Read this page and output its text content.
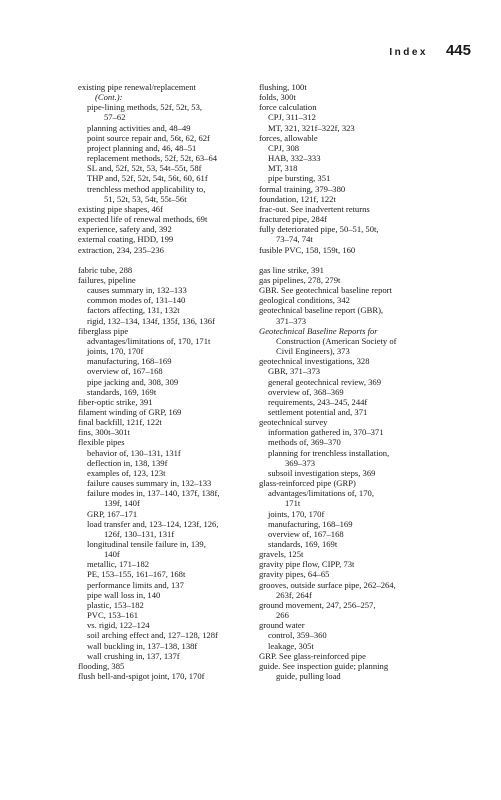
Index 445
existing pipe renewal/replacement
(Cont.):
pipe-lining methods, 52f, 52t, 53,
57–62
planning activities and, 48–49
point source repair and, 56t, 62, 62f
project planning and, 46, 48–51
replacement methods, 52f, 52t, 63–64
SL and, 52f, 52t, 53, 54t–55t, 58f
THP and, 52f, 52t, 54t, 56t, 60, 61f
trenchless method applicability to,
51, 52t, 53, 54t, 55t–56t
existing pipe shapes, 46f
expected life of renewal methods, 69t
experience, safety and, 392
external coating, HDD, 199
extraction, 234, 235–236
fabric tube, 288
failures, pipeline
causes summary in, 132–133
common modes of, 131–140
factors affecting, 131, 132t
rigid, 132–134, 134f, 135f, 136, 136f
fiberglass pipe
advantages/limitations of, 170, 171t
joints, 170, 170f
manufacturing, 168–169
overview of, 167–168
pipe jacking and, 308, 309
standards, 169, 169t
fiber-optic strike, 391
filament winding of GRP, 169
final backfill, 121f, 122t
fins, 300t–301t
flexible pipes
behavior of, 130–131, 131f
deflection in, 138, 139f
examples of, 123, 123t
failure causes summary in, 132–133
failure modes in, 137–140, 137f, 138f,
139f, 140f
GRP, 167–171
load transfer and, 123–124, 123f, 126,
126f, 130–131, 131f
longitudinal tensile failure in, 139,
140f
metallic, 171–182
PE, 153–155, 161–167, 168t
performance limits and, 137
pipe wall loss in, 140
plastic, 153–182
PVC, 153–161
vs. rigid, 122–124
soil arching effect and, 127–128, 128f
wall buckling in, 137–138, 138f
wall crushing in, 137, 137f
flooding, 385
flush bell-and-spigot joint, 170, 170f
flushing, 100t
folds, 300t
force calculation
CPJ, 311–312
MT, 321, 321f–322f, 323
forces, allowable
CPJ, 308
HAB, 332–333
MT, 318
pipe bursting, 351
formal training, 379–380
foundation, 121f, 122t
frac-out. See inadvertent returns
fractured pipe, 284f
fully deteriorated pipe, 50–51, 50t,
73–74, 74t
fusible PVC, 158, 159t, 160
gas line strike, 391
gas pipelines, 278, 279t
GBR. See geotechnical baseline report
geological conditions, 342
geotechnical baseline report (GBR),
371–373
Geotechnical Baseline Reports for
Construction (American Society of
Civil Engineers), 373
geotechnical investigations, 328
GBR, 371–373
general geotechnical review, 369
overview of, 368–369
requirements, 243–245, 244f
settlement potential and, 371
geotechnical survey
information gathered in, 370–371
methods of, 369–370
planning for trenchless installation,
369–373
subsoil investigation steps, 369
glass-reinforced pipe (GRP)
advantages/limitations of, 170,
171t
joints, 170, 170f
manufacturing, 168–169
overview of, 167–168
standards, 169, 169t
gravels, 125t
gravity pipe flow, CIPP, 73t
gravity pipes, 64–65
grooves, outside surface pipe, 262–264,
263f, 264f
ground movement, 247, 256–257,
266
ground water
control, 359–360
leakage, 305t
GRP. See glass-reinforced pipe
guide. See inspection guide; planning
guide, pulling load
